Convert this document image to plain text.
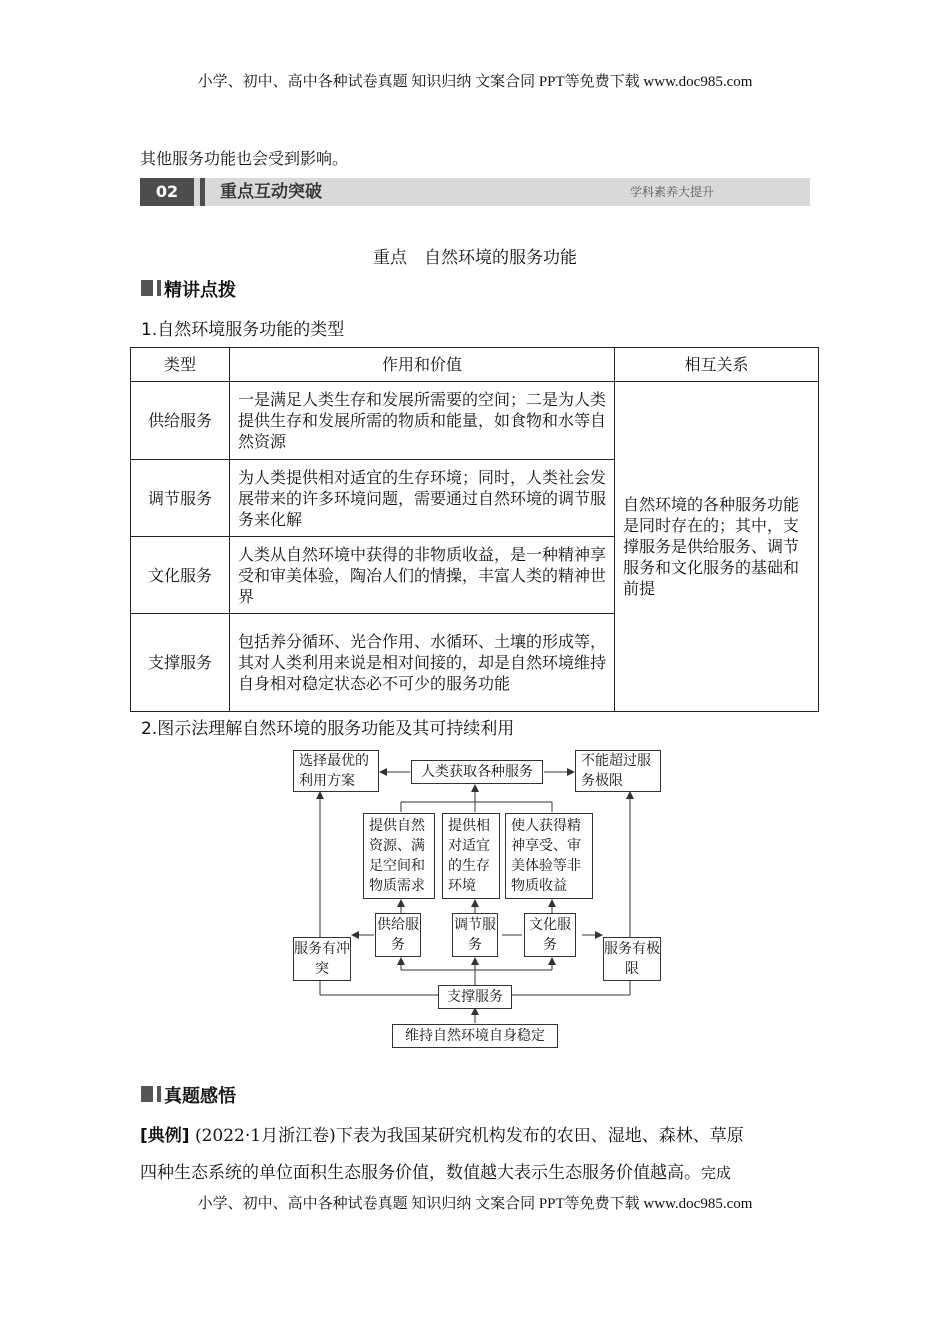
小学、初中、高中各种试卷真题 知识归纳 文案合同 PPT等免费下载 www.doc985.com
其他服务功能也会受到影响。
02	重点互动突破	学科素养大提升
重点　自然环境的服务功能
精讲点拨
1.自然环境服务功能的类型
类型	作用和价值	相互关系
供给服务	一是满足人类生存和发展所需要的空间；二是为人类提供生存和发展所需的物质和能量，如食物和水等自然资源	自然环境的各种服务功能是同时存在的；其中，支撑服务是供给服务、调节服务和文化服务的基础和前提
调节服务	为人类提供相对适宜的生存环境；同时，人类社会发展带来的许多环境问题，需要通过自然环境的调节服务来化解	
文化服务	人类从自然环境中获得的非物质收益，是一种精神享受和审美体验，陶冶人们的情操，丰富人类的精神世界	
支撑服务	包括养分循环、光合作用、水循环、土壤的形成等，其对人类利用来说是相对间接的，却是自然环境维持自身相对稳定状态必不可少的服务功能	
2.图示法理解自然环境的服务功能及其可持续利用
选择最优的利用方案
人类获取各种服务
不能超过服务极限
提供自然资源、满足空间和物质需求
提供相对适宜的生存环境
使人获得精神享受、审美体验等非物质收益
供给服务
调节服务
文化服务
服务有冲突
服务有极限
支撑服务
维持自然环境自身稳定
真题感悟
[典例] (2022·1月浙江卷)下表为我国某研究机构发布的农田、湿地、森林、草原
四种生态系统的单位面积生态服务价值，数值越大表示生态服务价值越高。完成
小学、初中、高中各种试卷真题 知识归纳 文案合同 PPT等免费下载 www.doc985.com
